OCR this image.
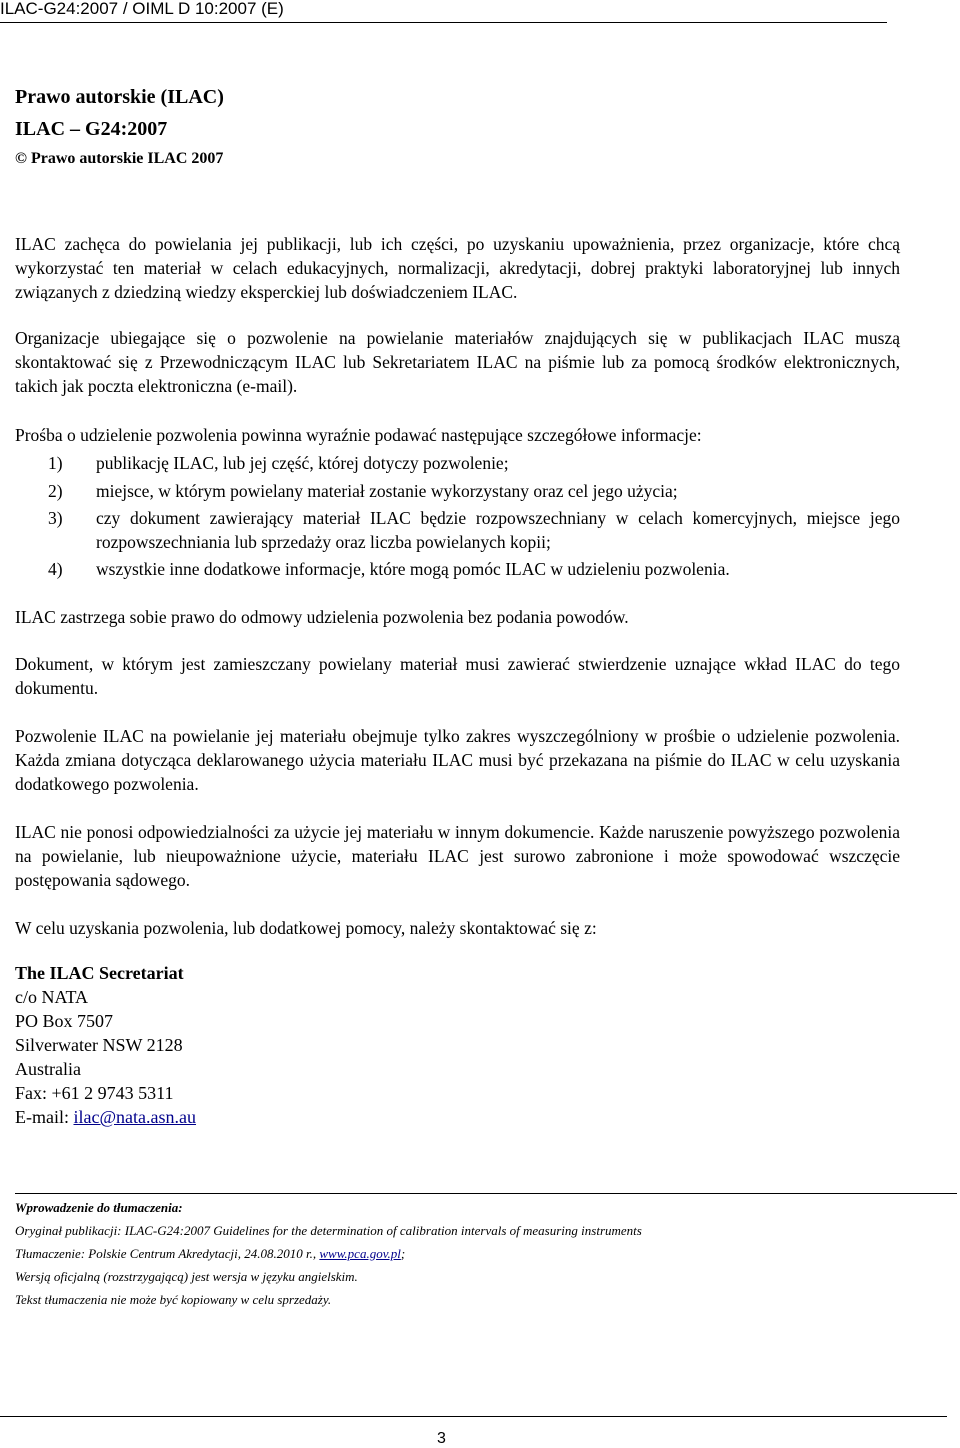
ILAC-G24:2007 / OIML D 10:2007 (E)
Prawo autorskie (ILAC)
ILAC – G24:2007
© Prawo autorskie ILAC 2007
ILAC zachęca do powielania jej publikacji, lub ich części, po uzyskaniu upoważnienia, przez organizacje, które chcą wykorzystać ten materiał w celach edukacyjnych, normalizacji, akredytacji, dobrej praktyki laboratoryjnej lub innych związanych z dziedziną wiedzy eksperckiej lub doświadczeniem ILAC.
Organizacje ubiegające się o pozwolenie na powielanie materiałów znajdujących się w publikacjach ILAC muszą skontaktować się z Przewodniczącym ILAC lub Sekretariatem ILAC na piśmie lub za pomocą środków elektronicznych, takich jak poczta elektroniczna (e-mail).
Prośba o udzielenie pozwolenia powinna wyraźnie podawać następujące szczegółowe informacje:
1) publikację ILAC, lub jej część, której dotyczy pozwolenie;
2) miejsce, w którym powielany materiał zostanie wykorzystany oraz cel jego użycia;
3) czy dokument zawierający materiał ILAC będzie rozpowszechniany w celach komercyjnych, miejsce jego rozpowszechniania lub sprzedaży oraz liczba powielanych kopii;
4) wszystkie inne dodatkowe informacje, które mogą pomóc ILAC w udzieleniu pozwolenia.
ILAC zastrzega sobie prawo do odmowy udzielenia pozwolenia bez podania powodów.
Dokument, w którym jest zamieszczany powielany materiał musi zawierać stwierdzenie uznające wkład ILAC do tego dokumentu.
Pozwolenie ILAC na powielanie jej materiału obejmuje tylko zakres wyszczególniony w prośbie o udzielenie pozwolenia. Każda zmiana dotycząca deklarowanego użycia materiału ILAC musi być przekazana na piśmie do ILAC w celu uzyskania dodatkowego pozwolenia.
ILAC nie ponosi odpowiedzialności za użycie jej materiału w innym dokumencie. Każde naruszenie powyższego pozwolenia na powielanie, lub nieupoważnione użycie, materiału ILAC jest surowo zabronione i może spowodować wszczęcie postępowania sądowego.
W celu uzyskania pozwolenia, lub dodatkowej pomocy, należy skontaktować się z:
The ILAC Secretariat
c/o NATA
PO Box 7507
Silverwater NSW 2128
Australia
Fax: +61 2 9743 5311
E-mail: ilac@nata.asn.au
Wprowadzenie do tłumaczenia:
Oryginał publikacji: ILAC-G24:2007 Guidelines for the determination of calibration intervals of measuring instruments
Tłumaczenie: Polskie Centrum Akredytacji, 24.08.2010 r., www.pca.gov.pl;
Wersją oficjalną (rozstrzygającą) jest wersja w języku angielskim.
Tekst tłumaczenia nie może być kopiowany w celu sprzedaży.
3
